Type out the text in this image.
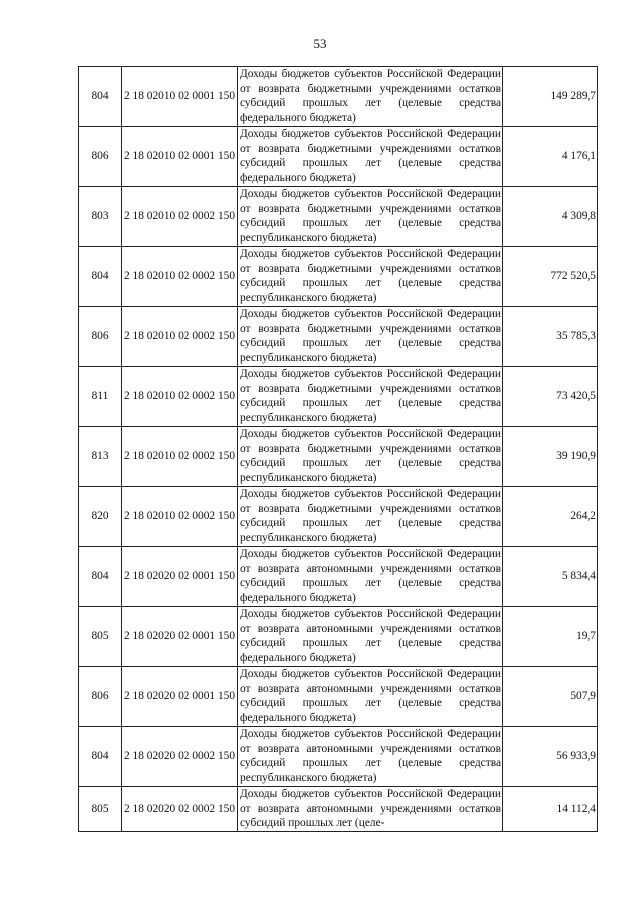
53
804	2 18 02010 02 0001 150	Доходы бюджетов субъектов Российской Федерации от возврата бюджетными учреждениями остатков субсидий прошлых лет (целевые средства федерального бюджета)	149 289,7
806	2 18 02010 02 0001 150	Доходы бюджетов субъектов Российской Федерации от возврата бюджетными учреждениями остатков субсидий прошлых лет (целевые средства федерального бюджета)	4 176,1
803	2 18 02010 02 0002 150	Доходы бюджетов субъектов Российской Федерации от возврата бюджетными учреждениями остатков субсидий прошлых лет (целевые средства республиканского бюджета)	4 309,8
804	2 18 02010 02 0002 150	Доходы бюджетов субъектов Российской Федерации от возврата бюджетными учреждениями остатков субсидий прошлых лет (целевые средства республиканского бюджета)	772 520,5
806	2 18 02010 02 0002 150	Доходы бюджетов субъектов Российской Федерации от возврата бюджетными учреждениями остатков субсидий прошлых лет (целевые средства республиканского бюджета)	35 785,3
811	2 18 02010 02 0002 150	Доходы бюджетов субъектов Российской Федерации от возврата бюджетными учреждениями остатков субсидий прошлых лет (целевые средства республиканского бюджета)	73 420,5
813	2 18 02010 02 0002 150	Доходы бюджетов субъектов Российской Федерации от возврата бюджетными учреждениями остатков субсидий прошлых лет (целевые средства республиканского бюджета)	39 190,9
820	2 18 02010 02 0002 150	Доходы бюджетов субъектов Российской Федерации от возврата бюджетными учреждениями остатков субсидий прошлых лет (целевые средства республиканского бюджета)	264,2
804	2 18 02020 02 0001 150	Доходы бюджетов субъектов Российской Федерации от возврата автономными учреждениями остатков субсидий прошлых лет (целевые средства федерального бюджета)	5 834,4
805	2 18 02020 02 0001 150	Доходы бюджетов субъектов Российской Федерации от возврата автономными учреждениями остатков субсидий прошлых лет (целевые средства федерального бюджета)	19,7
806	2 18 02020 02 0001 150	Доходы бюджетов субъектов Российской Федерации от возврата автономными учреждениями остатков субсидий прошлых лет (целевые средства федерального бюджета)	507,9
804	2 18 02020 02 0002 150	Доходы бюджетов субъектов Российской Федерации от возврата автономными учреждениями остатков субсидий прошлых лет (целевые средства республиканского бюджета)	56 933,9
805	2 18 02020 02 0002 150	Доходы бюджетов субъектов Российской Федерации от возврата автономными учреждениями остатков субсидий прошлых лет (целе-	14 112,4
